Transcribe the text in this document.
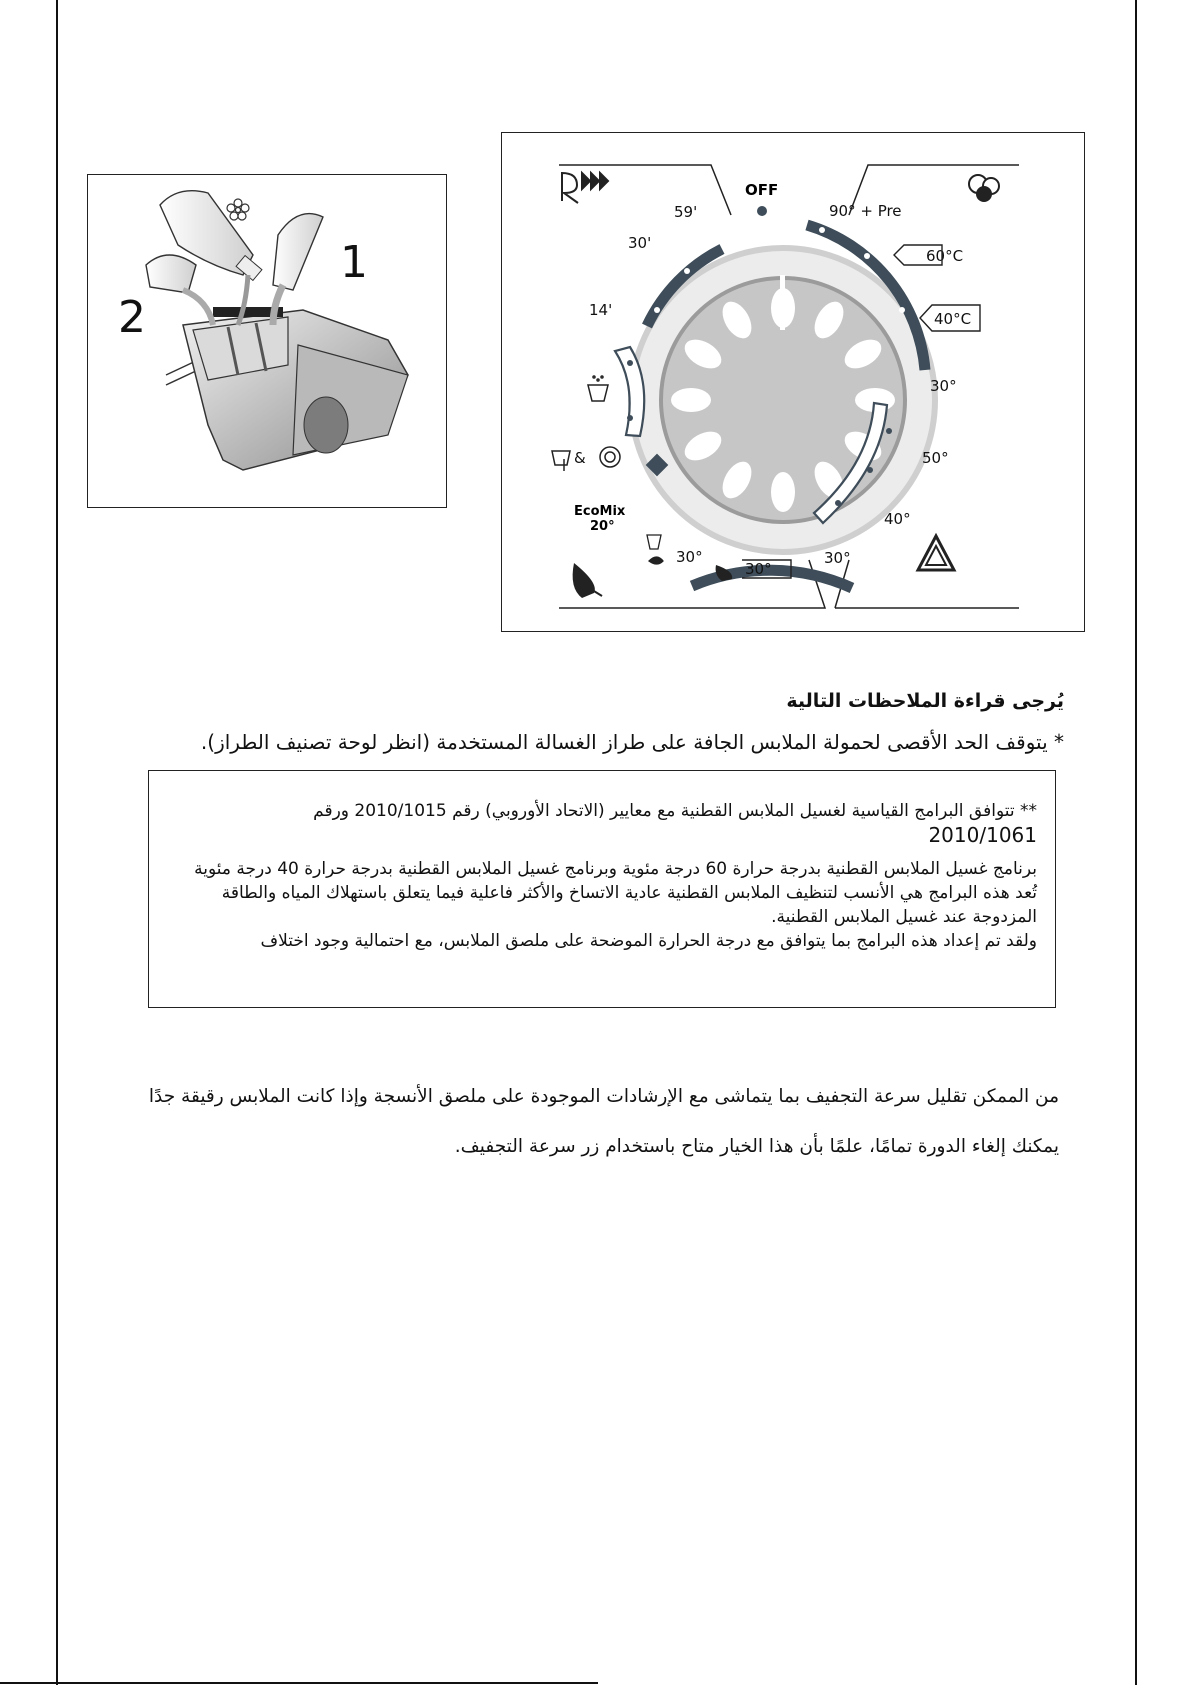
1
2
OFF
59'
30'
14'
90° + Pre
60°C
40°C
30°
50°
40°
30°
30°
30°
&
EcoMix
20°
يُرجى قراءة الملاحظات التالية
* يتوقف الحد الأقصى لحمولة الملابس الجافة على طراز الغسالة المستخدمة (انظر لوحة تصنيف الطراز).

** تتوافق البرامج القياسية لغسيل الملابس القطنية مع معايير (الاتحاد الأوروبي) رقم 2010/1015 ورقم
2010/1061

برنامج غسيل الملابس القطنية بدرجة حرارة 60 درجة مئوية وبرنامج غسيل الملابس القطنية بدرجة حرارة 40 درجة مئوية

تُعد هذه البرامج هي الأنسب لتنظيف الملابس القطنية عادية الاتساخ والأكثر فاعلية فيما يتعلق باستهلاك المياه والطاقة المزدوجة عند غسيل الملابس القطنية.

ولقد تم إعداد هذه البرامج بما يتوافق مع درجة الحرارة الموضحة على ملصق الملابس، مع احتمالية وجود اختلاف

من الممكن تقليل سرعة التجفيف بما يتماشى مع الإرشادات الموجودة على ملصق الأنسجة وإذا كانت الملابس رقيقة جدًا يمكنك إلغاء الدورة تمامًا، علمًا بأن هذا الخيار متاح باستخدام زر سرعة التجفيف.
